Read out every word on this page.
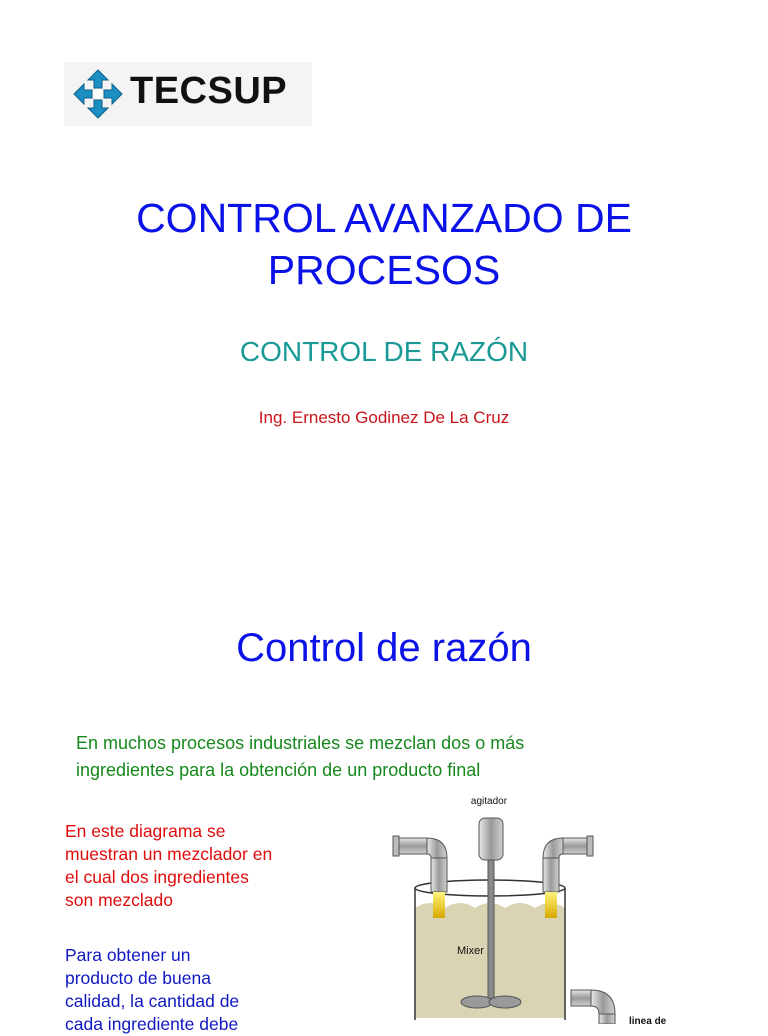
TECSUP
CONTROL AVANZADO DE
PROCESOS
CONTROL DE RAZÓN
Ing. Ernesto Godinez De La Cruz
Control de razón
En muchos procesos industriales se mezclan dos o más
ingredientes para la obtención de un producto final
En este diagrama se
muestran un mezclador en
el cual dos ingredientes
son mezclado
Para obtener un
producto de buena
calidad, la cantidad de
cada ingrediente debe
agitador
Mixer
linea de
